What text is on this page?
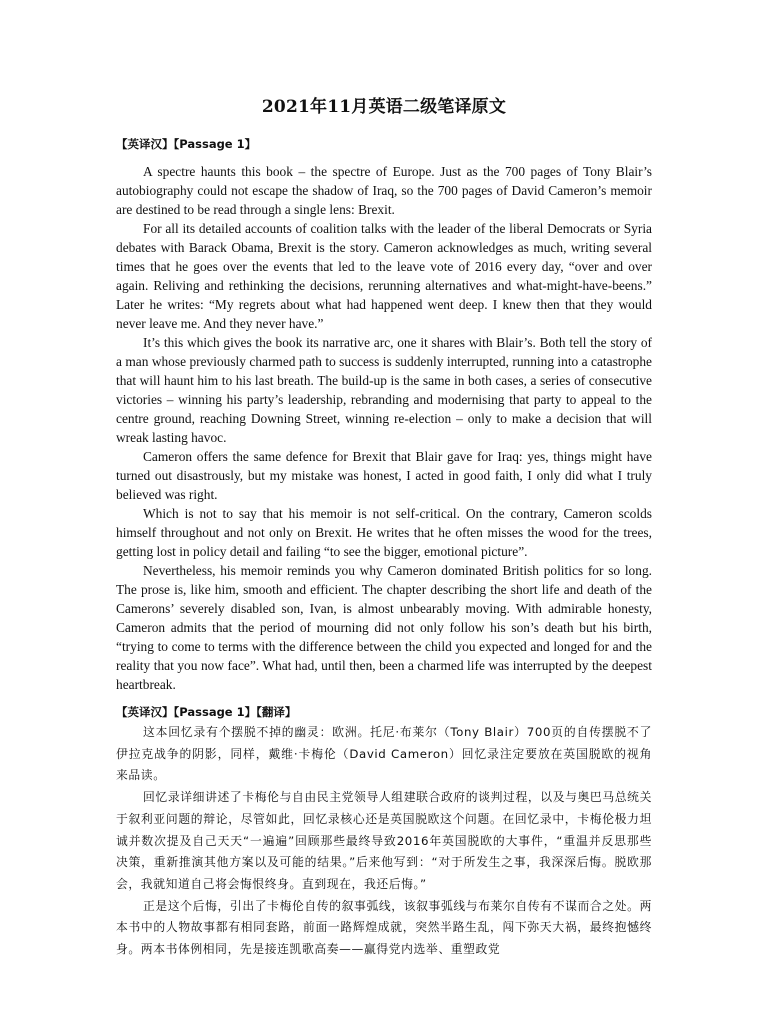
2021年11月英语二级笔译原文
【英译汉】【Passage 1】

A spectre haunts this book – the spectre of Europe. Just as the 700 pages of Tony Blair’s autobiography could not escape the shadow of Iraq, so the 700 pages of David Cameron’s memoir are destined to be read through a single lens: Brexit.

For all its detailed accounts of coalition talks with the leader of the liberal Democrats or Syria debates with Barack Obama, Brexit is the story. Cameron acknowledges as much, writing several times that he goes over the events that led to the leave vote of 2016 every day, “over and over again. Reliving and rethinking the decisions, rerunning alternatives and what-might-have-beens.” Later he writes: “My regrets about what had happened went deep. I knew then that they would never leave me. And they never have.”

It’s this which gives the book its narrative arc, one it shares with Blair’s. Both tell the story of a man whose previously charmed path to success is suddenly interrupted, running into a catastrophe that will haunt him to his last breath. The build-up is the same in both cases, a series of consecutive victories – winning his party’s leadership, rebranding and modernising that party to appeal to the centre ground, reaching Downing Street, winning re-election – only to make a decision that will wreak lasting havoc.

Cameron offers the same defence for Brexit that Blair gave for Iraq: yes, things might have turned out disastrously, but my mistake was honest, I acted in good faith, I only did what I truly believed was right.

Which is not to say that his memoir is not self-critical. On the contrary, Cameron scolds himself throughout and not only on Brexit. He writes that he often misses the wood for the trees, getting lost in policy detail and failing “to see the bigger, emotional picture”.

Nevertheless, his memoir reminds you why Cameron dominated British politics for so long. The prose is, like him, smooth and efficient. The chapter describing the short life and death of the Camerons’ severely disabled son, Ivan, is almost unbearably moving. With admirable honesty, Cameron admits that the period of mourning did not only follow his son’s death but his birth, “trying to come to terms with the difference between the child you expected and longed for and the reality that you now face”. What had, until then, been a charmed life was interrupted by the deepest heartbreak.

【英译汉】【Passage 1】【翻译】

这本回忆录有个摆脱不掉的幽灵：欧洲。托尼·布莱尔（Tony Blair）700页的自传摆脱不了伊拉克战争的阴影，同样，戴维·卡梅伦（David Cameron）回忆录注定要放在英国脱欧的视角来品读。

回忆录详细讲述了卡梅伦与自由民主党领导人组建联合政府的谈判过程，以及与奥巴马总统关于叙利亚问题的辩论，尽管如此，回忆录核心还是英国脱欧这个问题。在回忆录中，卡梅伦极力坦诚并数次提及自己天天“一遍遍”回顾那些最终导致2016年英国脱欧的大事件，“重温并反思那些决策，重新推演其他方案以及可能的结果。”后来他写到：“对于所发生之事，我深深后悔。脱欧那会，我就知道自己将会悔恨终身。直到现在，我还后悔。”

正是这个后悔，引出了卡梅伦自传的叙事弧线，该叙事弧线与布莱尔自传有不谋而合之处。两本书中的人物故事都有相同套路，前面一路辉煌成就，突然半路生乱，闯下弥天大祸，最终抱憾终身。两本书体例相同，先是接连凯歌高奏——赢得党内选举、重塑政党
